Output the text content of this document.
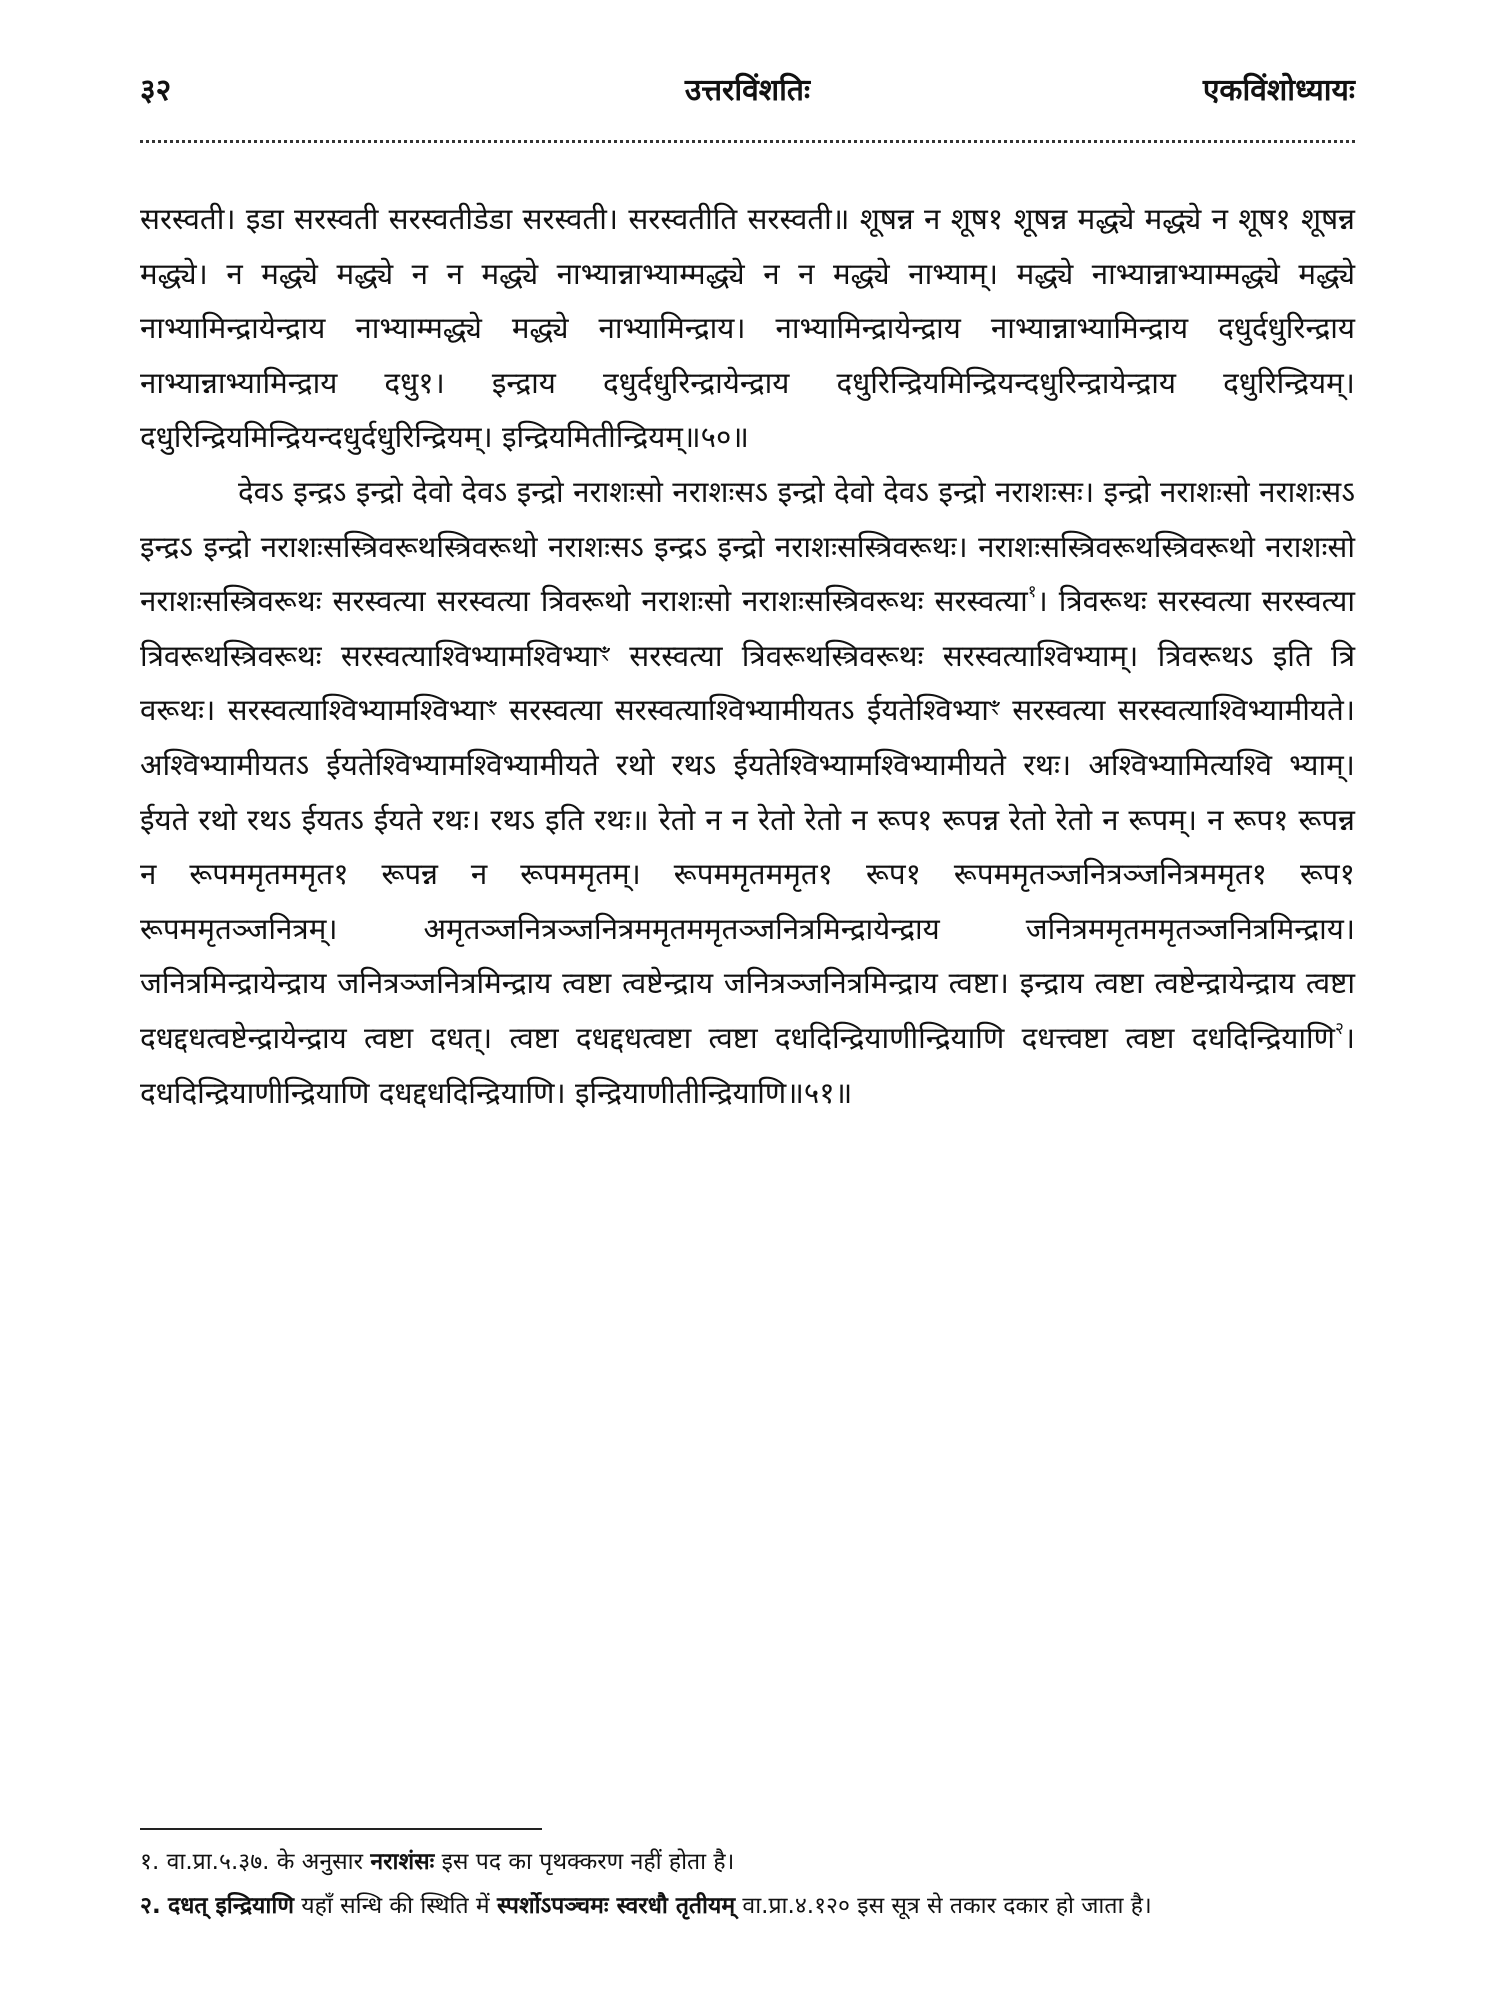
३२	उत्तरविंशतिः	एकविंशोध्यायः

सरस्वती। इडा सरस्वती सरस्वतीडेडा सरस्वती। सरस्वतीति सरस्वती॥ शूषन्न न शूष१ शूषन्न मद्ध्ये मद्ध्ये न शूष१ शूषन्न मद्ध्ये। न मद्ध्ये मद्ध्ये न न मद्ध्ये नाभ्यान्नाभ्याम्मद्ध्ये न न मद्ध्ये नाभ्याम्। मद्ध्ये नाभ्यान्नाभ्याम्मद्ध्ये मद्ध्ये नाभ्यामिन्द्रायेन्द्राय नाभ्याम्मद्ध्ये मद्ध्ये नाभ्यामिन्द्राय। नाभ्यामिन्द्रायेन्द्राय नाभ्यान्नाभ्यामिन्द्राय दधुर्दधुरिन्द्राय नाभ्यान्नाभ्यामिन्द्राय दधु१। इन्द्राय दधुर्दधुरिन्द्रायेन्द्राय दधुरिन्द्रियमिन्द्रियन्दधुरिन्द्रायेन्द्राय दधुरिन्द्रियम्। दधुरिन्द्रियमिन्द्रियन्दधुर्दधुरिन्द्रियम्। इन्द्रियमितीन्द्रियम्॥५०॥

देवऽ इन्द्रऽ इन्द्रो देवो देवऽ इन्द्रो नराशःसो नराशःसऽ इन्द्रो देवो देवऽ इन्द्रो नराशःसः। इन्द्रो नराशःसो नराशःसऽ इन्द्रऽ इन्द्रो नराशःसस्त्रिवरूथस्त्रिवरूथो नराशःसऽ इन्द्रऽ इन्द्रो नराशःसस्त्रिवरूथः। नराशःसस्त्रिवरूथस्त्रिवरूथो नराशःसो नराशःसस्त्रिवरूथः सरस्वत्या सरस्वत्या त्रिवरूथो नराशःसो नराशःसस्त्रिवरूथः सरस्वत्या$^१$। त्रिवरूथः सरस्वत्या सरस्वत्या त्रिवरूथस्त्रिवरूथः सरस्वत्याश्विभ्यामश्विभ्याꣳ सरस्वत्या त्रिवरूथस्त्रिवरूथः सरस्वत्याश्विभ्याम्। त्रिवरूथऽ इति त्रि वरूथः। सरस्वत्याश्विभ्यामश्विभ्याꣳ सरस्वत्या सरस्वत्याश्विभ्यामीयतऽ ईयतेश्विभ्याꣳ सरस्वत्या सरस्वत्याश्विभ्यामीयते। अश्विभ्यामीयतऽ ईयतेश्विभ्यामश्विभ्यामीयते रथो रथऽ ईयतेश्विभ्यामश्विभ्यामीयते रथः। अश्विभ्यामित्यश्वि भ्याम्। ईयते रथो रथऽ ईयतऽ ईयते रथः। रथऽ इति रथः॥ रेतो न न रेतो रेतो न रूप१ रूपन्न रेतो रेतो न रूपम्। न रूप१ रूपन्न न रूपममृतममृत१ रूपन्न न रूपममृतम्। रूपममृतममृत१ रूप१ रूपममृतञ्जनित्रञ्जनित्रममृत१ रूप१ रूपममृतञ्जनित्रम्। अमृतञ्जनित्रञ्जनित्रममृतममृतञ्जनित्रमिन्द्रायेन्द्राय जनित्रममृतममृतञ्जनित्रमिन्द्राय। जनित्रमिन्द्रायेन्द्राय जनित्रञ्जनित्रमिन्द्राय त्वष्टा त्वष्टेन्द्राय जनित्रञ्जनित्रमिन्द्राय त्वष्टा। इन्द्राय त्वष्टा त्वष्टेन्द्रायेन्द्राय त्वष्टा दधद्दधत्वष्टेन्द्रायेन्द्राय त्वष्टा दधत्। त्वष्टा दधद्दधत्वष्टा त्वष्टा दधदिन्द्रियाणीन्द्रियाणि दधत्त्वष्टा त्वष्टा दधदिन्द्रियाणि$^२$। दधदिन्द्रियाणीन्द्रियाणि दधद्दधदिन्द्रियाणि। इन्द्रियाणीतीन्द्रियाणि॥५१॥

१. वा.प्रा.५.३७. के अनुसार नराशंसः इस पद का पृथक्करण नहीं होता है।

२. दधत् इन्द्रियाणि यहाँ सन्धि की स्थिति में स्पर्शोऽपञ्चमः स्वरधौ तृतीयम् वा.प्रा.४.१२० इस सूत्र से तकार दकार हो जाता है।
